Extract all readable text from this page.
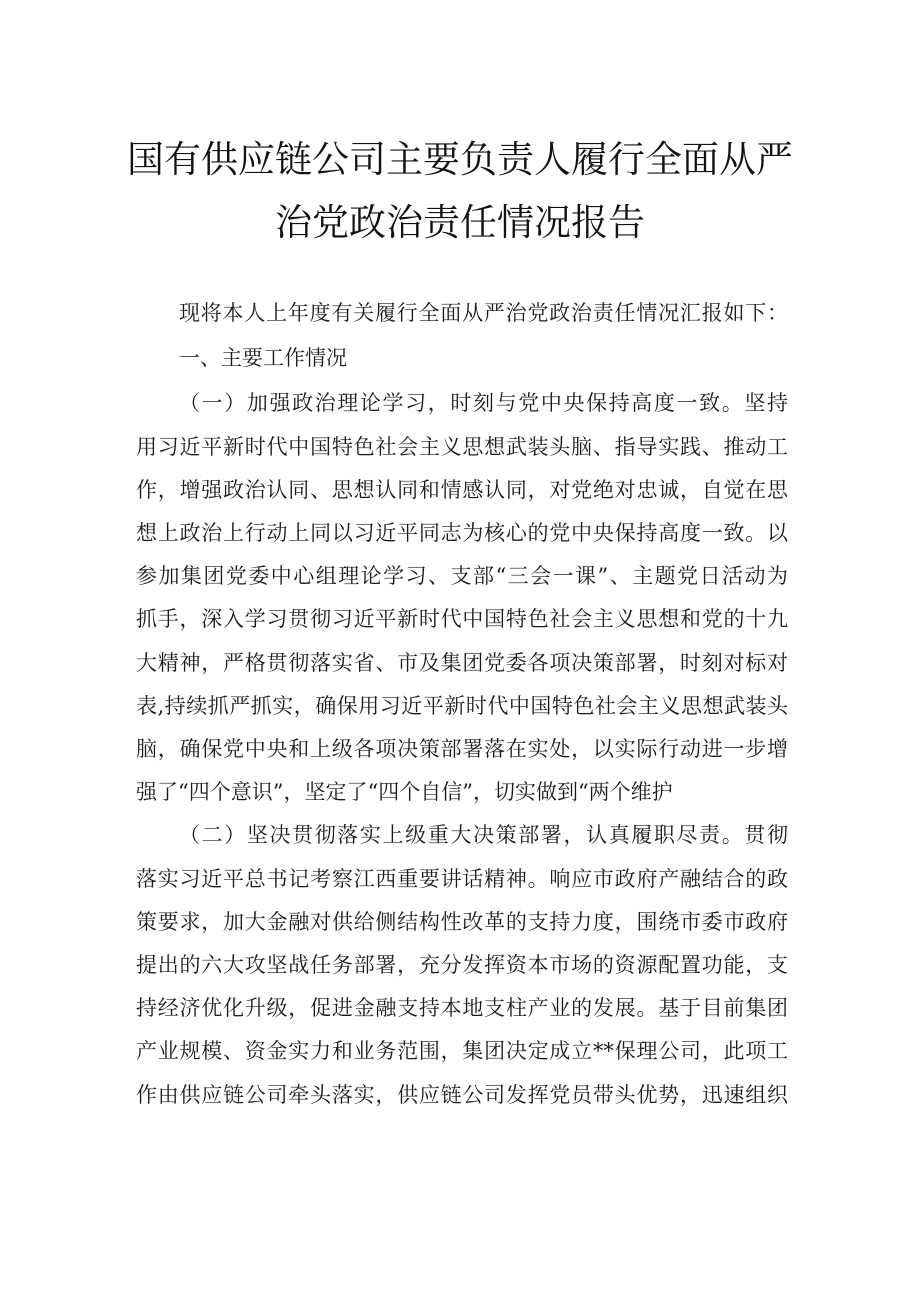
国有供应链公司主要负责人履行全面从严
治党政治责任情况报告
现将本人上年度有关履行全面从严治党政治责任情况汇报如下：
一、主要工作情况
（一）加强政治理论学习，时刻与党中央保持高度一致。坚持
用习近平新时代中国特色社会主义思想武装头脑、指导实践、推动工
作，增强政治认同、思想认同和情感认同，对党绝对忠诚，自觉在思
想上政治上行动上同以习近平同志为核心的党中央保持高度一致。以
参加集团党委中心组理论学习、支部“三会一课”、主题党日活动为
抓手，深入学习贯彻习近平新时代中国特色社会主义思想和党的十九
大精神，严格贯彻落实省、市及集团党委各项决策部署，时刻对标对
表,持续抓严抓实，确保用习近平新时代中国特色社会主义思想武装头
脑，确保党中央和上级各项决策部署落在实处，以实际行动进一步增
强了“四个意识”，坚定了“四个自信”，切实做到“两个维护
（二）坚决贯彻落实上级重大决策部署，认真履职尽责。贯彻
落实习近平总书记考察江西重要讲话精神。响应市政府产融结合的政
策要求，加大金融对供给侧结构性改革的支持力度，围绕市委市政府
提出的六大攻坚战任务部署，充分发挥资本市场的资源配置功能，支
持经济优化升级，促进金融支持本地支柱产业的发展。基于目前集团
产业规模、资金实力和业务范围，集团决定成立**保理公司，此项工
作由供应链公司牵头落实，供应链公司发挥党员带头优势，迅速组织
